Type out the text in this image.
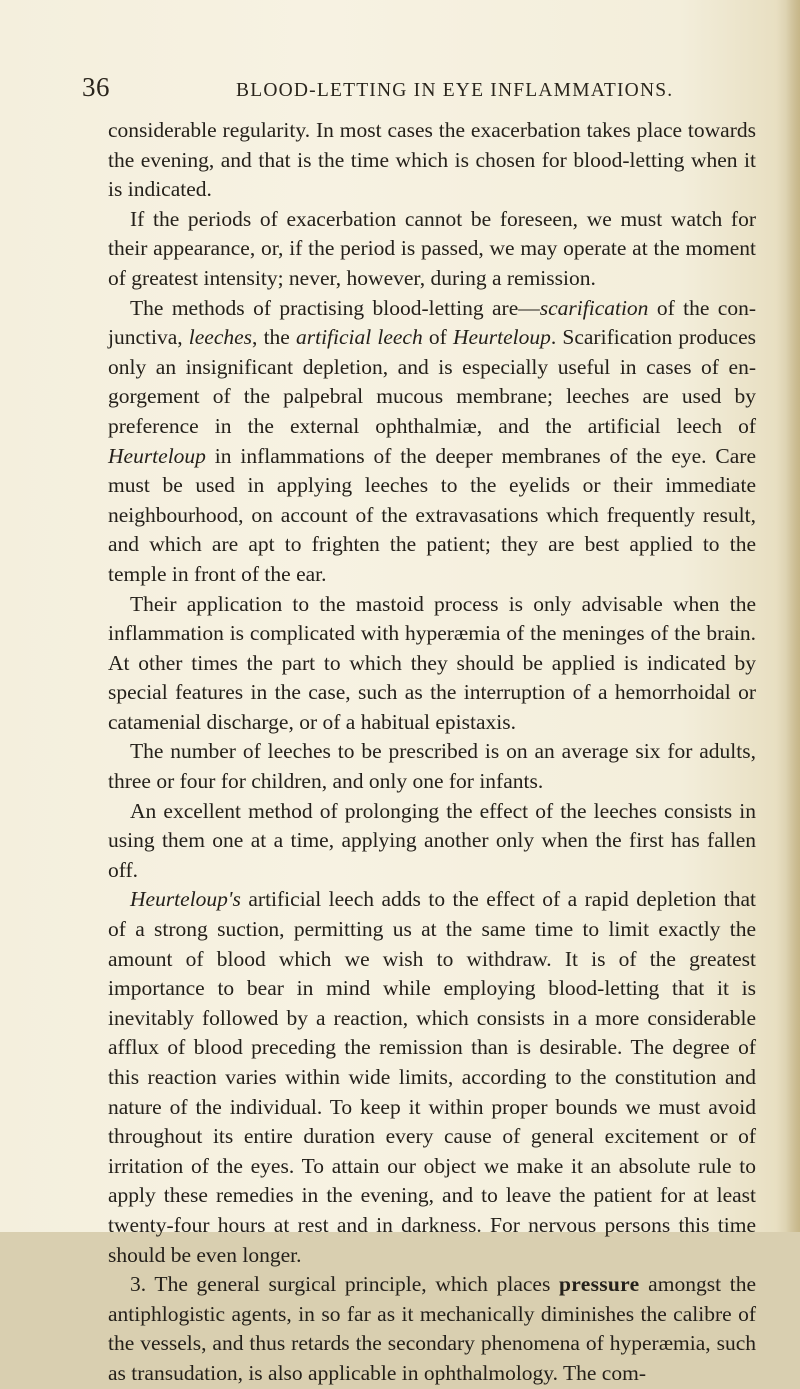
36	BLOOD-LETTING IN EYE INFLAMMATIONS.

considerable regularity. In most cases the exacerbation takes place towards the evening, and that is the time which is chosen for blood-letting when it is indicated.

If the periods of exacerbation cannot be foreseen, we must watch for their appearance, or, if the period is passed, we may operate at the moment of greatest intensity; never, however, during a remission.

The methods of practising blood-letting are—scarification of the con-junctiva, leeches, the artificial leech of Heurteloup. Scarification produces only an insignificant depletion, and is especially useful in cases of en-gorgement of the palpebral mucous membrane; leeches are used by preference in the external ophthalmiæ, and the artificial leech of Heurteloup in inflammations of the deeper membranes of the eye. Care must be used in applying leeches to the eyelids or their immediate neighbourhood, on account of the extravasations which frequently result, and which are apt to frighten the patient; they are best applied to the temple in front of the ear.

Their application to the mastoid process is only advisable when the inflammation is complicated with hyperæmia of the meninges of the brain. At other times the part to which they should be applied is indicated by special features in the case, such as the interruption of a hemorrhoidal or catamenial discharge, or of a habitual epistaxis.

The number of leeches to be prescribed is on an average six for adults, three or four for children, and only one for infants.

An excellent method of prolonging the effect of the leeches consists in using them one at a time, applying another only when the first has fallen off.

Heurteloup's artificial leech adds to the effect of a rapid depletion that of a strong suction, permitting us at the same time to limit exactly the amount of blood which we wish to withdraw. It is of the greatest importance to bear in mind while employing blood-letting that it is inevitably followed by a reaction, which consists in a more considerable afflux of blood preceding the remission than is desirable. The degree of this reaction varies within wide limits, according to the constitution and nature of the individual. To keep it within proper bounds we must avoid throughout its entire duration every cause of general excitement or of irritation of the eyes. To attain our object we make it an absolute rule to apply these remedies in the evening, and to leave the patient for at least twenty-four hours at rest and in darkness. For nervous persons this time should be even longer.

3. The general surgical principle, which places pressure amongst the antiphlogistic agents, in so far as it mechanically diminishes the calibre of the vessels, and thus retards the secondary phenomena of hyperæmia, such as transudation, is also applicable in ophthalmology. The com-
